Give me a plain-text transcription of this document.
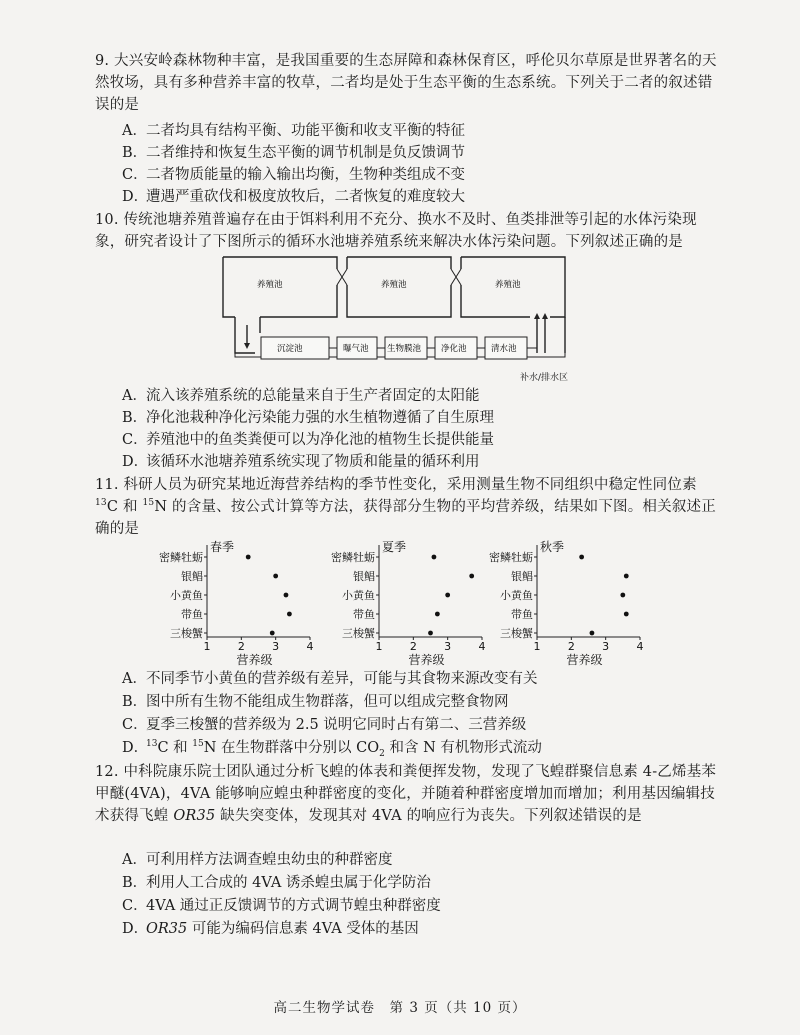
9. 大兴安岭森林物种丰富，是我国重要的生态屏障和森林保育区，呼伦贝尔草原是世界著名的天然牧场，具有多种营养丰富的牧草，二者均是处于生态平衡的生态系统。下列关于二者的叙述错误的是
A．二者均具有结构平衡、功能平衡和收支平衡的特征
B．二者维持和恢复生态平衡的调节机制是负反馈调节
C．二者物质能量的输入输出均衡，生物种类组成不变
D．遭遇严重砍伐和极度放牧后，二者恢复的难度较大
10. 传统池塘养殖普遍存在由于饵料利用不充分、换水不及时、鱼类排泄等引起的水体污染现象，研究者设计了下图所示的循环水池塘养殖系统来解决水体污染问题。下列叙述正确的是
养殖池	养殖池	养殖池
沉淀池	曝气池 生物膜池 净化池	清水池
补水/排水区
A．流入该养殖系统的总能量来自于生产者固定的太阳能
B．净化池栽种净化污染能力强的水生植物遵循了自生原理
C．养殖池中的鱼类粪便可以为净化池的植物生长提供能量
D．该循环水池塘养殖系统实现了物质和能量的循环利用
11. 科研人员为研究某地近海营养结构的季节性变化，采用测量生物不同组织中稳定性同位素$^{13}$C 和 $^{15}$N 的含量、按公式计算等方法，获得部分生物的平均营养级，结果如下图。相关叙述正确的是
春季
密鳞牡蛎
银鲳
小黄鱼
带鱼
三梭蟹
1 2 3 4
营养级
夏季
密鳞牡蛎
银鲳
小黄鱼
带鱼
三梭蟹
1 2 3 4
营养级
秋季
密鳞牡蛎
银鲳
小黄鱼
带鱼
三梭蟹
1 2 3 4
营养级
A．不同季节小黄鱼的营养级有差异，可能与其食物来源改变有关
B．图中所有生物不能组成生物群落，但可以组成完整食物网
C．夏季三梭蟹的营养级为 2.5 说明它同时占有第二、三营养级
D．$^{13}$C 和 $^{15}$N 在生物群落中分别以 $CO_2$ 和含 N 有机物形式流动
12. 中科院康乐院士团队通过分析飞蝗的体表和粪便挥发物，发现了飞蝗群聚信息素 4-乙烯基苯甲醚(4VA)，4VA 能够响应蝗虫种群密度的变化，并随着种群密度增加而增加；利用基因编辑技术获得飞蝗 OR35 缺失突变体，发现其对 4VA 的响应行为丧失。下列叙述错误的是
A．可利用样方法调查蝗虫幼虫的种群密度
B．利用人工合成的 4VA 诱杀蝗虫属于化学防治
C．4VA 通过正反馈调节的方式调节蝗虫种群密度
D．OR35 可能为编码信息素 4VA 受体的基因
高二生物学试卷　第 3 页（共 10 页）
